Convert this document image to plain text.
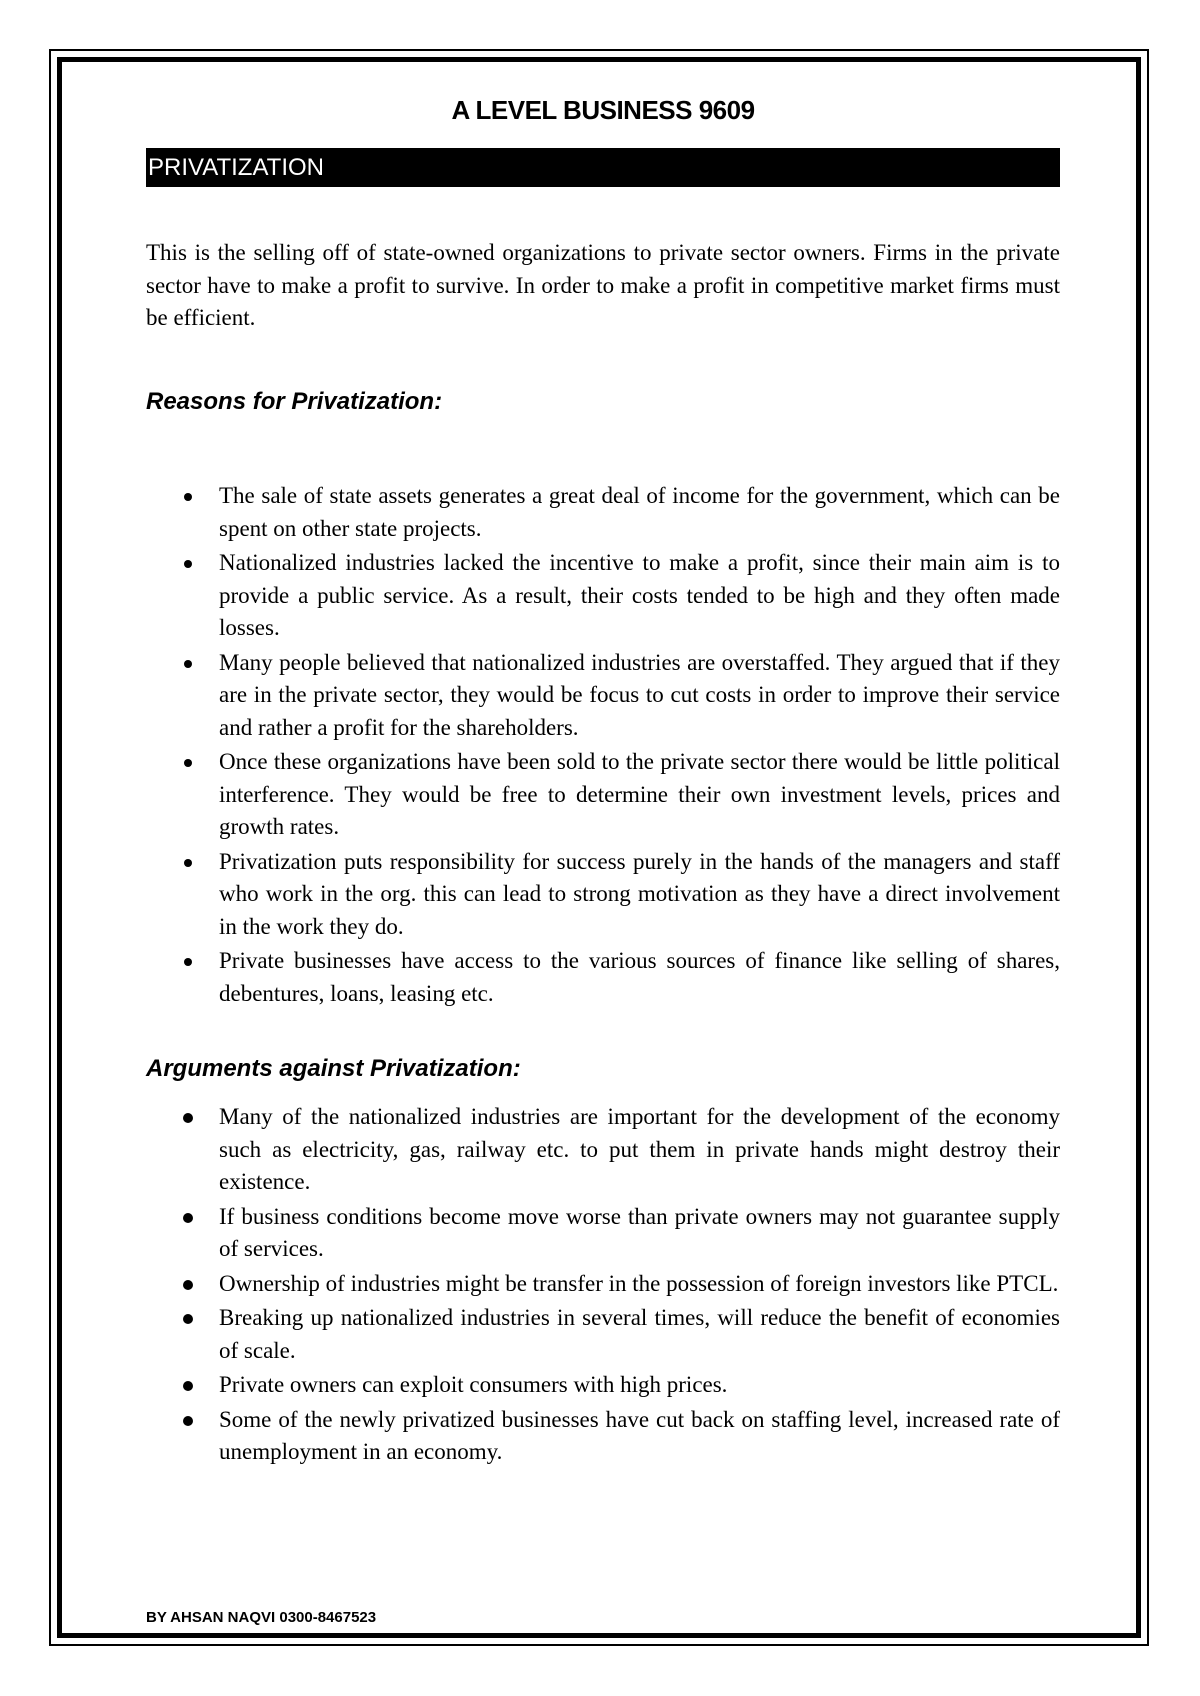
A LEVEL BUSINESS 9609
PRIVATIZATION

This is the selling off of state-owned organizations to private sector owners. Firms in the private sector have to make a profit to survive. In order to make a profit in competitive market firms must be efficient.

Reasons for Privatization:
The sale of state assets generates a great deal of income for the government, which can be spent on other state projects.
Nationalized industries lacked the incentive to make a profit, since their main aim is to provide a public service. As a result, their costs tended to be high and they often made losses.
Many people believed that nationalized industries are overstaffed. They argued that if they are in the private sector, they would be focus to cut costs in order to improve their service and rather a profit for the shareholders.
Once these organizations have been sold to the private sector there would be little political interference. They would be free to determine their own investment levels, prices and growth rates.
Privatization puts responsibility for success purely in the hands of the managers and staff who work in the org. this can lead to strong motivation as they have a direct involvement in the work they do.
Private businesses have access to the various sources of finance like selling of shares, debentures, loans, leasing etc.
Arguments against Privatization:
Many of the nationalized industries are important for the development of the economy such as electricity, gas, railway etc. to put them in private hands might destroy their existence.
If business conditions become move worse than private owners may not guarantee supply of services.
Ownership of industries might be transfer in the possession of foreign investors like PTCL.
Breaking up nationalized industries in several times, will reduce the benefit of economies of scale.
Private owners can exploit consumers with high prices.
Some of the newly privatized businesses have cut back on staffing level, increased rate of unemployment in an economy.
BY AHSAN NAQVI 0300-8467523
